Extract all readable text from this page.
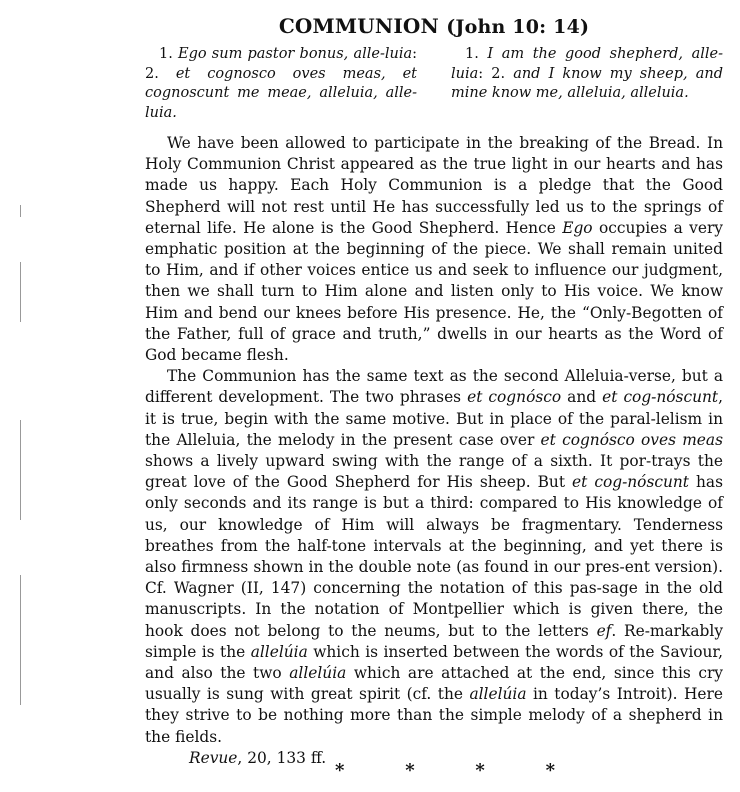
COMMUNION (John 10: 14)
1. Ego sum pastor bonus, alle-luia: 2. et cognosco oves meas, et cognoscunt me meae, alleluia, alle-luia.
1. I am the good shepherd, alle-luia: 2. and I know my sheep, and mine know me, alleluia, alleluia.

We have been allowed to participate in the breaking of the Bread. In Holy Communion Christ appeared as the true light in our hearts and has made us happy. Each Holy Communion is a pledge that the Good Shepherd will not rest until He has successfully led us to the springs of eternal life. He alone is the Good Shepherd. Hence Ego occupies a very emphatic position at the beginning of the piece. We shall remain united to Him, and if other voices entice us and seek to influence our judgment, then we shall turn to Him alone and listen only to His voice. We know Him and bend our knees before His presence. He, the “Only-Begotten of the Father, full of grace and truth,” dwells in our hearts as the Word of God became flesh.

The Communion has the same text as the second Alleluia-verse, but a different development. The two phrases et cognósco and et cog-nóscunt, it is true, begin with the same motive. But in place of the paral-lelism in the Alleluia, the melody in the present case over et cognósco oves meas shows a lively upward swing with the range of a sixth. It por-trays the great love of the Good Shepherd for His sheep. But et cog-nóscunt has only seconds and its range is but a third: compared to His knowledge of us, our knowledge of Him will always be fragmentary. Tenderness breathes from the half-tone intervals at the beginning, and yet there is also firmness shown in the double note (as found in our pres-ent version). Cf. Wagner (II, 147) concerning the notation of this pas-sage in the old manuscripts. In the notation of Montpellier which is given there, the hook does not belong to the neums, but to the letters ef. Re-markably simple is the allelúia which is inserted between the words of the Saviour, and also the two allelúia which are attached at the end, since this cry usually is sung with great spirit (cf. the allelúia in today’s Introit). Here they strive to be nothing more than the simple melody of a shepherd in the fields.

Revue, 20, 133 ff.

*	*	*	*
